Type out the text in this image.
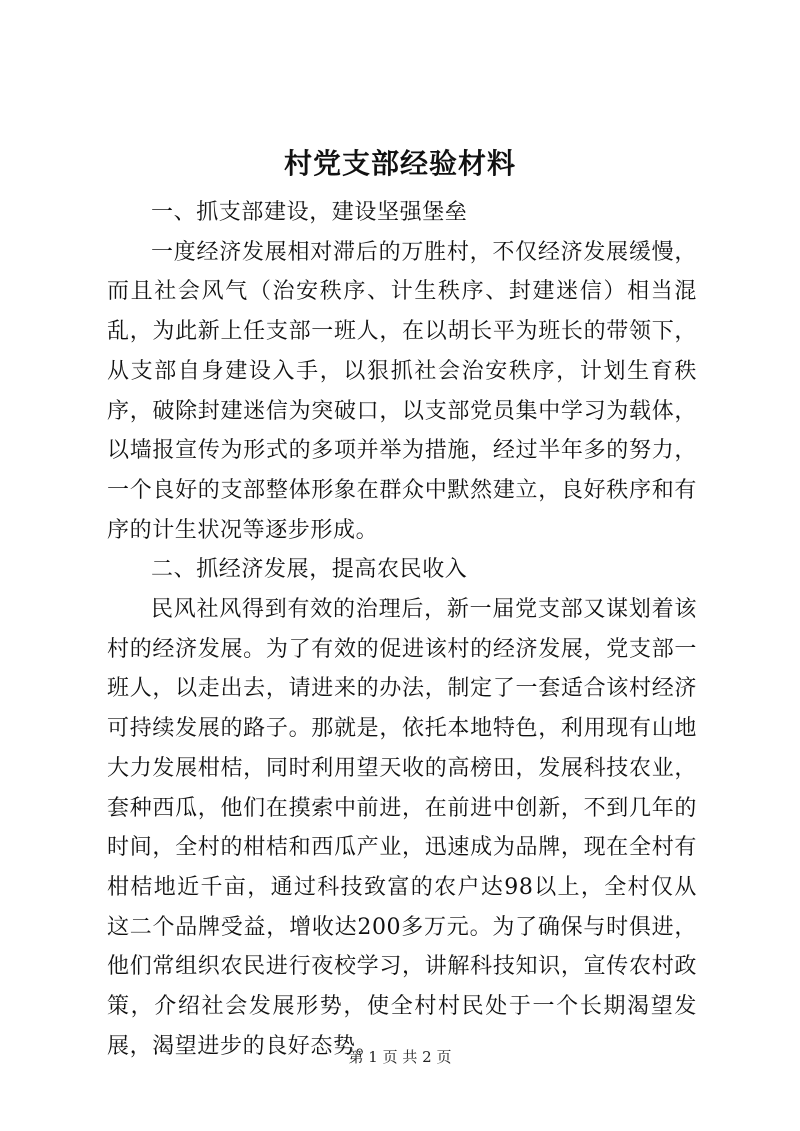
村党支部经验材料

一、抓支部建设，建设坚强堡垒

一度经济发展相对滞后的万胜村，不仅经济发展缓慢，而且社会风气（治安秩序、计生秩序、封建迷信）相当混乱，为此新上任支部一班人，在以胡长平为班长的带领下，从支部自身建设入手，以狠抓社会治安秩序，计划生育秩序，破除封建迷信为突破口，以支部党员集中学习为载体，以墙报宣传为形式的多项并举为措施，经过半年多的努力，一个良好的支部整体形象在群众中默然建立，良好秩序和有序的计生状况等逐步形成。

二、抓经济发展，提高农民收入

民风社风得到有效的治理后，新一届党支部又谋划着该村的经济发展。为了有效的促进该村的经济发展，党支部一班人，以走出去，请进来的办法，制定了一套适合该村经济可持续发展的路子。那就是，依托本地特色，利用现有山地大力发展柑桔，同时利用望天收的高榜田，发展科技农业，套种西瓜，他们在摸索中前进，在前进中创新，不到几年的时间，全村的柑桔和西瓜产业，迅速成为品牌，现在全村有柑桔地近千亩，通过科技致富的农户达98以上，全村仅从这二个品牌受益，增收达200多万元。为了确保与时俱进，他们常组织农民进行夜校学习，讲解科技知识，宣传农村政策，介绍社会发展形势，使全村村民处于一个长期渴望发展，渴望进步的良好态势。

第 1 页 共 2 页
